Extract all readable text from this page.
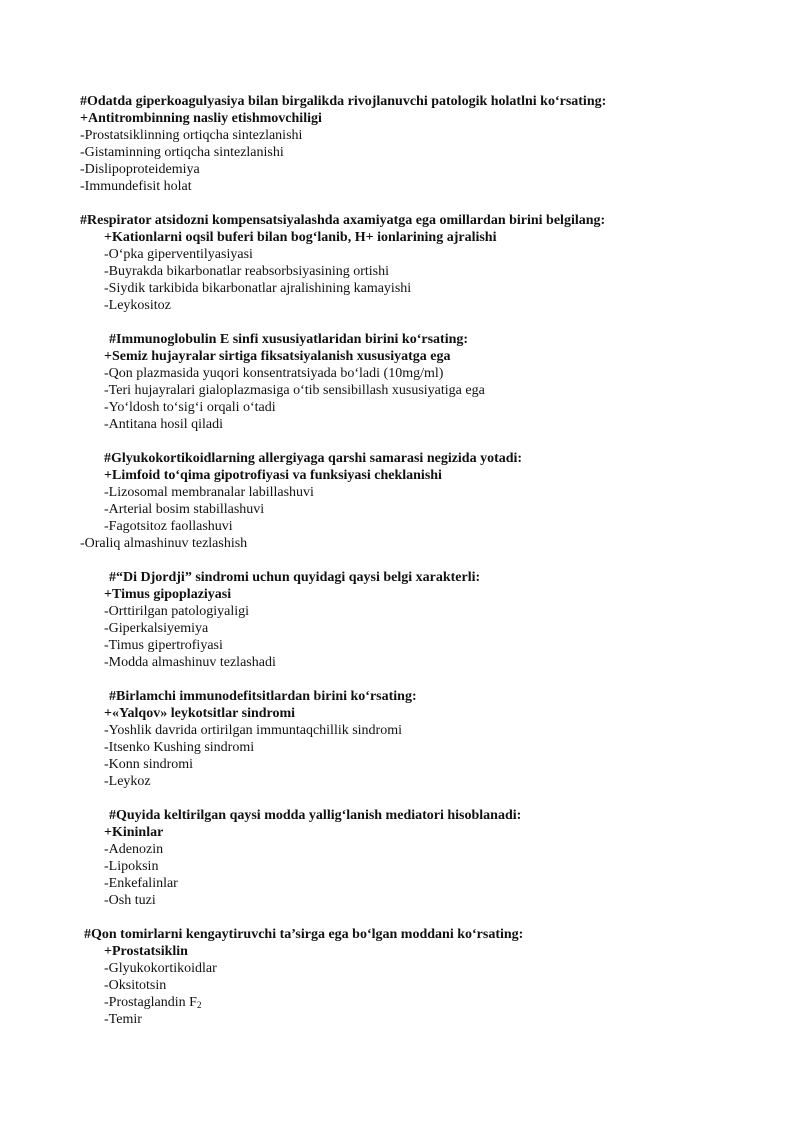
#Odatda giperkoagulyasiya bilan birgalikda rivojlanuvchi patologik holatlni ko‘rsating:
+Antitrombinning nasliy etishmovchiligi
-Prostatsiklinning ortiqcha sintezlanishi
-Gistaminning ortiqcha sintezlanishi
-Dislipoproteidemiya
-Immundefisit holat
#Respirator atsidozni kompensatsiyalashda axamiyatga ega omillardan birini belgilang:
+Kationlarni oqsil buferi bilan bog‘lanib, H+ ionlarining ajralishi
-O‘pka giperventilyasiyasi
-Buyrakda bikarbonatlar reabsorbsiyasining ortishi
-Siydik tarkibida bikarbonatlar ajralishining kamayishi
-Leykositoz
#Immunoglobulin E sinfi xususiyatlaridan birini ko‘rsating:
+Semiz hujayralar sirtiga fiksatsiyalanish xususiyatga ega
-Qon plazmasida yuqori konsentratsiyada bo‘ladi (10mg/ml)
-Teri hujayralari gialoplazmasiga o‘tib sensibillash xususiyatiga ega
-Yo‘ldosh to‘sig‘i orqali o‘tadi
-Antitana hosil qiladi
#Glyukokortikoidlarning allergiyaga qarshi samarasi negizida yotadi:
+Limfoid to‘qima gipotrofiyasi va funksiyasi cheklanishi
-Lizosomal membranalar labillashuvi
-Arterial bosim stabillashuvi
-Fagotsitoz faollashuvi
-Oraliq almashinuv tezlashish
#“Di Djordji” sindromi uchun quyidagi qaysi belgi xarakterli:
+Timus gipoplaziyasi
-Orttirilgan patologiyaligi
-Giperkalsiyemiya
-Timus gipertrofiyasi
-Modda almashinuv tezlashadi
#Birlamchi immunodefitsitlardan birini ko‘rsating:
+«Yalqov» leykotsitlar sindromi
-Yoshlik davrida ortirilgan immuntaqchillik sindromi
-Itsenko Kushing sindromi
-Konn sindromi
-Leykoz
#Quyida keltirilgan qaysi modda yallig‘lanish mediatori hisoblanadi:
+Kininlar
-Adenozin
-Lipoksin
-Enkefalinlar
-Osh tuzi
#Qon tomirlarni kengaytiruvchi ta’sirga ega bo‘lgan moddani ko‘rsating:
+Prostatsiklin
-Glyukokortikoidlar
-Oksitotsin
-Prostaglandin $F_2$
-Temir
